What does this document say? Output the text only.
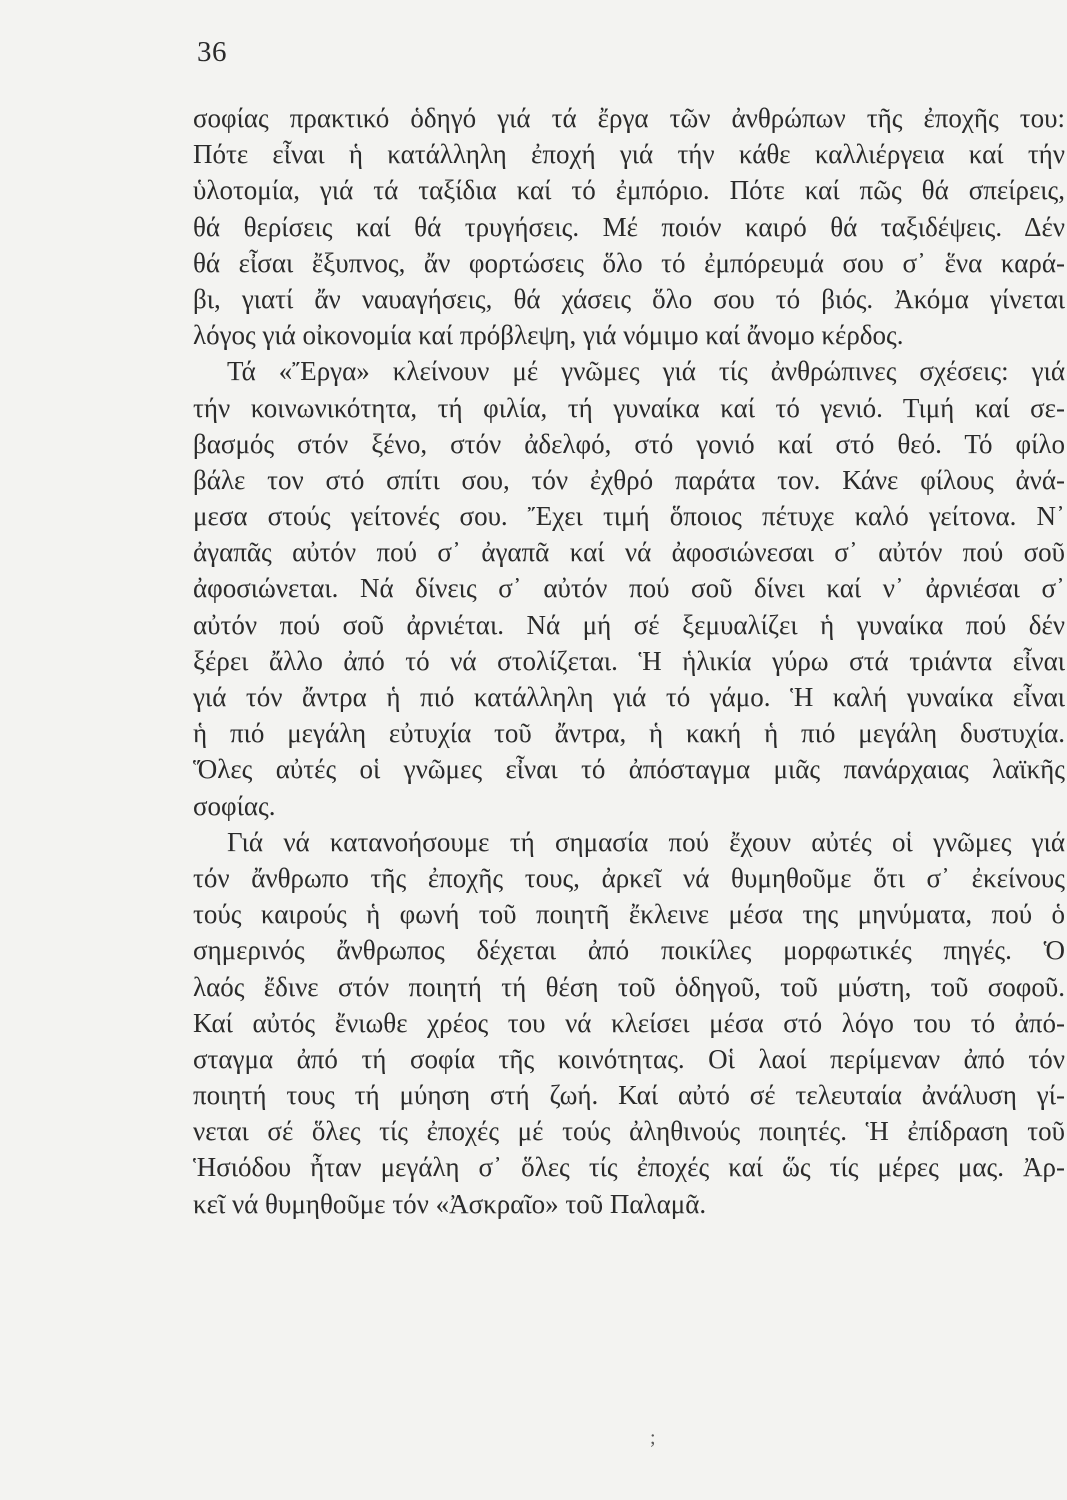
36
σοφίας πρακτικό ὁδηγό γιά τά ἔργα τῶν ἀνθρώπων τῆς ἐποχῆς του:
Πότε εἶναι ἡ κατάλληλη ἐποχή γιά τήν κάθε καλλιέργεια καί τήν
ὑλοτομία, γιά τά ταξίδια καί τό ἐμπόριο. Πότε καί πῶς θά σπείρεις,
θά θερίσεις καί θά τρυγήσεις. Μέ ποιόν καιρό θά ταξιδέψεις. Δέν
θά εἶσαι ἔξυπνος, ἄν φορτώσεις ὅλο τό ἐμπόρευμά σου σ᾿ ἕνα καρά-
βι, γιατί ἄν ναυαγήσεις, θά χάσεις ὅλο σου τό βιός. Ἀκόμα γίνεται
λόγος γιά οἰκονομία καί πρόβλεψη, γιά νόμιμο καί ἄνομο κέρδος.
Τά «Ἔργα» κλείνουν μέ γνῶμες γιά τίς ἀνθρώπινες σχέσεις: γιά
τήν κοινωνικότητα, τή φιλία, τή γυναίκα καί τό γενιό. Τιμή καί σε-
βασμός στόν ξένο, στόν ἀδελφό, στό γονιό καί στό θεό. Τό φίλο
βάλε τον στό σπίτι σου, τόν ἐχθρό παράτα τον. Κάνε φίλους ἀνά-
μεσα στούς γείτονές σου. Ἔχει τιμή ὅποιος πέτυχε καλό γείτονα. Ν᾿
ἀγαπᾶς αὐτόν πού σ᾿ ἀγαπᾶ καί νά ἀφοσιώνεσαι σ᾿ αὐτόν πού σοῦ
ἀφοσιώνεται. Νά δίνεις σ᾿ αὐτόν πού σοῦ δίνει καί ν᾿ ἀρνιέσαι σ᾿
αὐτόν πού σοῦ ἀρνιέται. Νά μή σέ ξεμυαλίζει ἡ γυναίκα πού δέν
ξέρει ἄλλο ἀπό τό νά στολίζεται. Ἡ ἡλικία γύρω στά τριάντα εἶναι
γιά τόν ἄντρα ἡ πιό κατάλληλη γιά τό γάμο. Ἡ καλή γυναίκα εἶναι
ἡ πιό μεγάλη εὐτυχία τοῦ ἄντρα, ἡ κακή ἡ πιό μεγάλη δυστυχία.
Ὅλες αὐτές οἱ γνῶμες εἶναι τό ἀπόσταγμα μιᾶς πανάρχαιας λαϊκῆς
σοφίας.
Γιά νά κατανοήσουμε τή σημασία πού ἔχουν αὐτές οἱ γνῶμες γιά
τόν ἄνθρωπο τῆς ἐποχῆς τους, ἀρκεῖ νά θυμηθοῦμε ὅτι σ᾿ ἐκείνους
τούς καιρούς ἡ φωνή τοῦ ποιητῆ ἔκλεινε μέσα της μηνύματα, πού ὁ
σημερινός ἄνθρωπος δέχεται ἀπό ποικίλες μορφωτικές πηγές. Ὁ
λαός ἔδινε στόν ποιητή τή θέση τοῦ ὁδηγοῦ, τοῦ μύστη, τοῦ σοφοῦ.
Καί αὐτός ἔνιωθε χρέος του νά κλείσει μέσα στό λόγο του τό ἀπό-
σταγμα ἀπό τή σοφία τῆς κοινότητας. Οἱ λαοί περίμεναν ἀπό τόν
ποιητή τους τή μύηση στή ζωή. Καί αὐτό σέ τελευταία ἀνάλυση γί-
νεται σέ ὅλες τίς ἐποχές μέ τούς ἀληθινούς ποιητές. Ἡ ἐπίδραση τοῦ
Ἡσιόδου ἦταν μεγάλη σ᾿ ὅλες τίς ἐποχές καί ὥς τίς μέρες μας. Ἀρ-
κεῖ νά θυμηθοῦμε τόν «Ἀσκραῖο» τοῦ Παλαμᾶ.
;
